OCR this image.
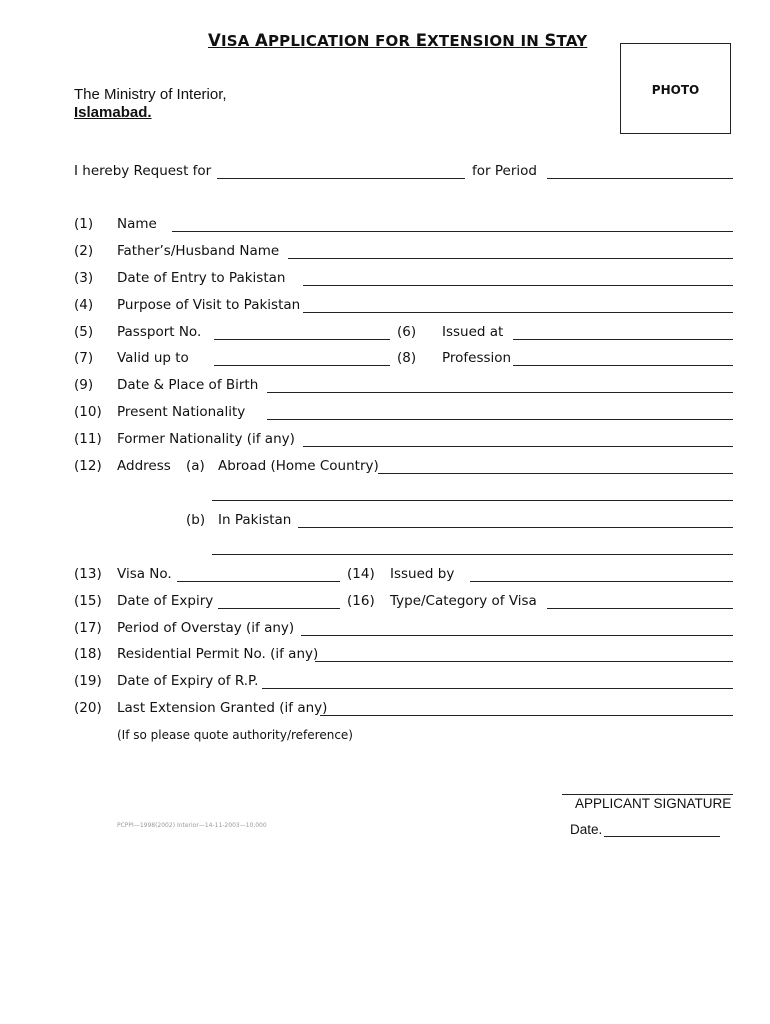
VISA APPLICATION FOR EXTENSION IN STAY
PHOTO
The Ministry of Interior,
Islamabad.
I hereby Request for	for Period
(1) Name
(2) Father’s/Husband Name
(3) Date of Entry to Pakistan
(4) Purpose of Visit to Pakistan
(5) Passport No.	(6) Issued at
(7) Valid up to	(8) Profession
(9) Date & Place of Birth
(10) Present Nationality
(11) Former Nationality (if any)
(12) Address (a) Abroad (Home Country)
(b) In Pakistan
(13) Visa No.	(14) Issued by
(15) Date of Expiry	(16) Type/Category of Visa
(17) Period of Overstay (if any)
(18) Residential Permit No. (if any)
(19) Date of Expiry of R.P.
(20) Last Extension Granted (if any)
(If so please quote authority/reference)
APPLICANT SIGNATURE
Date.
PCPPI—1998(2002) Interior—14-11-2003—10,000
